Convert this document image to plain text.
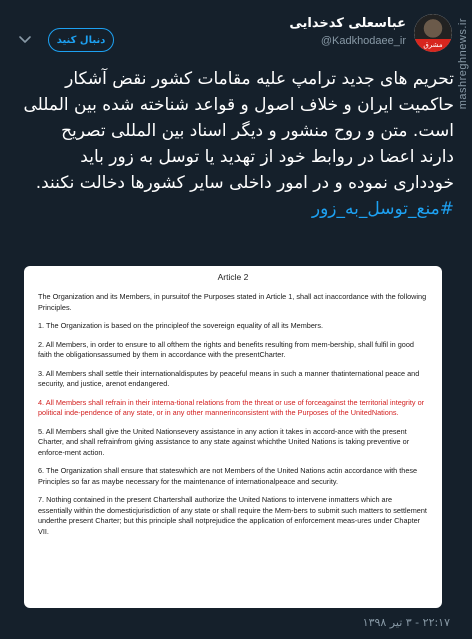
mashreghnews.ir
مشرق
عباسعلی کدخدایی
@Kadkhodaee_ir
دنبال کنید
تحریم های جدید ترامپ علیه مقامات کشور نقض آشکار حاکمیت ایران و خلاف اصول و قواعد شناخته شده بین المللی است. متن و روح منشور و دیگر اسناد بین المللی تصریح دارند اعضا در روابط خود از تهدید یا توسل به زور باید خودداری نموده و در امور داخلی سایر کشورها دخالت نکنند.
#منع_توسل_به_زور
Article 2
The Organization and its Members, in pursuitof the Purposes stated in Article 1, shall act inaccordance with the following Principles.
1. The Organization is based on the principleof the sovereign equality of all its Members.
2. All Members, in order to ensure to all ofthem the rights and benefits resulting from mem-bership, shall fulfil in good faith the obligationsassumed by them in accordance with the presentCharter.
3. All Members shall settle their internationaldisputes by peaceful means in such a manner thatinternational peace and security, and justice, arenot endangered.
4. All Members shall refrain in their interna-tional relations from the threat or use of forceagainst the territorial integrity or political inde-pendence of any state, or in any other mannerinconsistent with the Purposes of the UnitedNations.
5. All Members shall give the United Nationsevery assistance in any action it takes in accord-ance with the present Charter, and shall refrainfrom giving assistance to any state against whichthe United Nations is taking preventive or enforce-ment action.
6. The Organization shall ensure that stateswhich are not Members of the United Nations actin accordance with these Principles so far as maybe necessary for the maintenance of internationalpeace and security.
7. Nothing contained in the present Chartershall authorize the United Nations to intervene inmatters which are essentially within the domesticjurisdiction of any state or shall require the Mem-bers to submit such matters to settlement underthe present Charter; but this principle shall notprejudice the application of enforcement meas-ures under Chapter VII.
۲۲:۱۷ - ۳ تیر ۱۳۹۸
